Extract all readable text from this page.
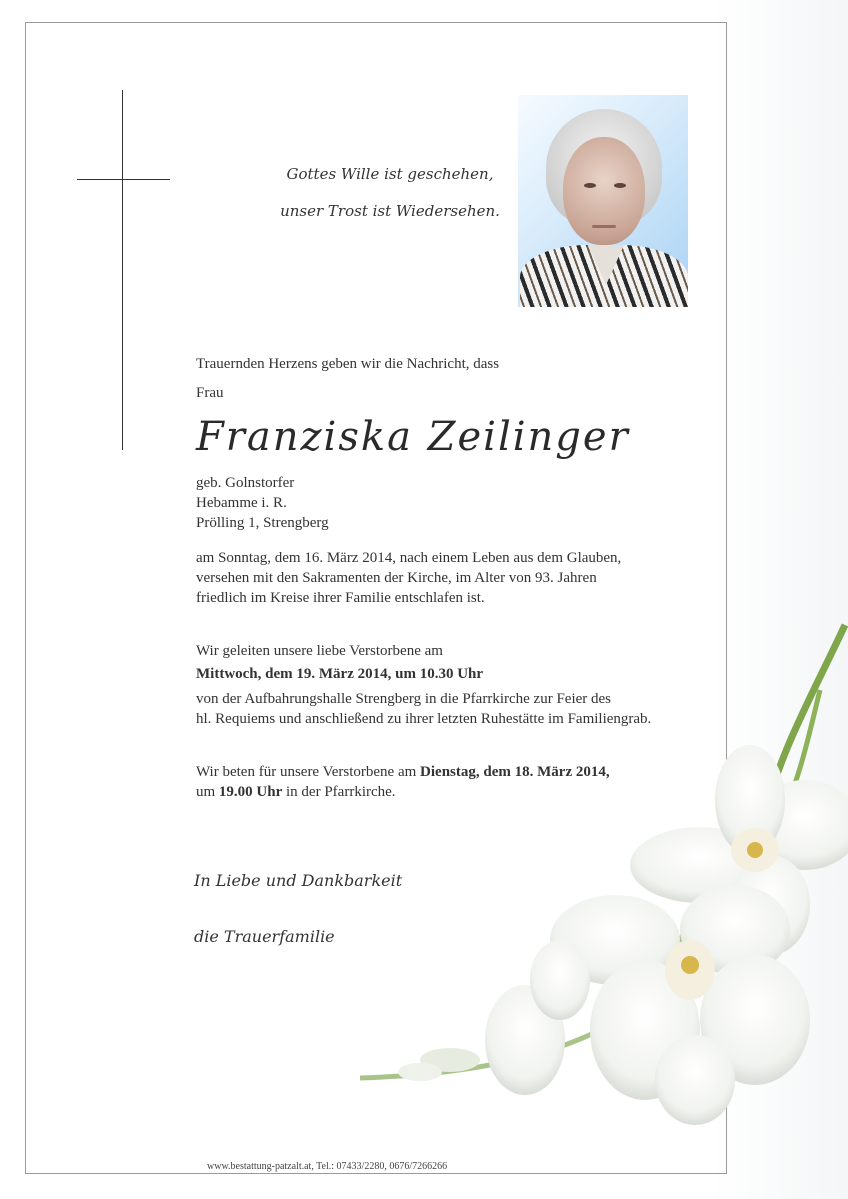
Gottes Wille ist geschehen,
unser Trost ist Wiedersehen.
Trauernden Herzens geben wir die Nachricht, dass
Frau
Franziska Zeilinger
geb. Golnstorfer
Hebamme i. R.
Prölling 1, Strengberg
am Sonntag, dem 16. März 2014, nach einem Leben aus dem Glauben,
versehen mit den Sakramenten der Kirche, im Alter von 93. Jahren
friedlich im Kreise ihrer Familie entschlafen ist.
Wir geleiten unsere liebe Verstorbene am
Mittwoch, dem 19. März 2014, um 10.30 Uhr
von der Aufbahrungshalle Strengberg in die Pfarrkirche zur Feier des
hl. Requiems und anschließend zu ihrer letzten Ruhestätte im Familiengrab.
Wir beten für unsere Verstorbene am Dienstag, dem 18. März 2014,
um 19.00 Uhr in der Pfarrkirche.
In Liebe und Dankbarkeit
die Trauerfamilie
www.bestattung-patzalt.at, Tel.: 07433/2280, 0676/7266266
